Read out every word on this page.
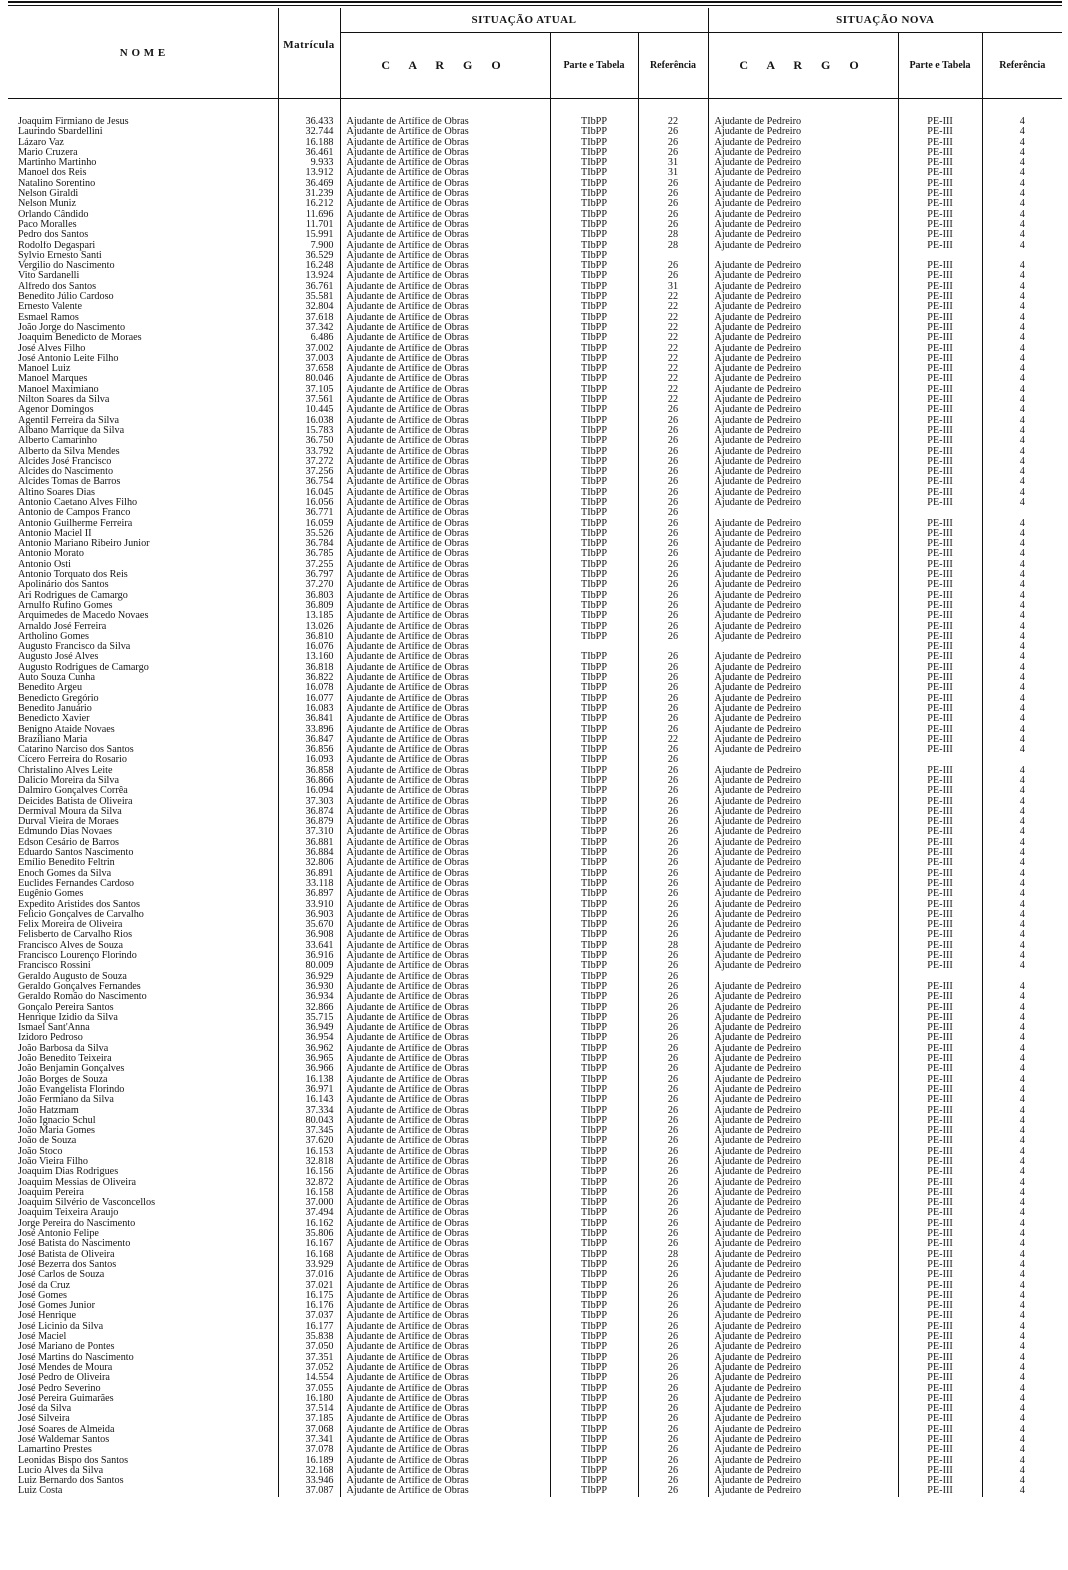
N O M E	Matrícula	SITUAÇÃO ATUAL			SITUAÇÃO NOVA		
		C A R G O	Parte e Tabela	Referência	C A R G O	Parte e Tabela	Referência

Joaquim Firmiano de Jesus	36.433	Ajudante de Artífice de Obras	TIbPP	22	Ajudante de Pedreiro	PE-III	4
Laurindo Sbardellini	32.744	Ajudante de Artífice de Obras	TIbPP	26	Ajudante de Pedreiro	PE-III	4
Lázaro Vaz	16.188	Ajudante de Artífice de Obras	TIbPP	26	Ajudante de Pedreiro	PE-III	4
Mario Cruzera	36.461	Ajudante de Artífice de Obras	TIbPP	26	Ajudante de Pedreiro	PE-III	4
Martinho Martinho	9.933	Ajudante de Artífice de Obras	TIbPP	31	Ajudante de Pedreiro	PE-III	4
Manoel dos Reis	13.912	Ajudante de Artífice de Obras	TIbPP	31	Ajudante de Pedreiro	PE-III	4
Natalino Sorentino	36.469	Ajudante de Artífice de Obras	TIbPP	26	Ajudante de Pedreiro	PE-III	4
Nelson Giraldi	31.239	Ajudante de Artífice de Obras	TIbPP	26	Ajudante de Pedreiro	PE-III	4
Nelson Muniz	16.212	Ajudante de Artífice de Obras	TIbPP	26	Ajudante de Pedreiro	PE-III	4
Orlando Cândido	11.696	Ajudante de Artífice de Obras	TIbPP	26	Ajudante de Pedreiro	PE-III	4
Paco Moralles	11.701	Ajudante de Artífice de Obras	TIbPP	26	Ajudante de Pedreiro	PE-III	4
Pedro dos Santos	15.991	Ajudante de Artífice de Obras	TIbPP	28	Ajudante de Pedreiro	PE-III	4
Rodolfo Degaspari	7.900	Ajudante de Artífice de Obras	TIbPP	28	Ajudante de Pedreiro	PE-III	4
Sylvio Ernesto Santi	36.529	Ajudante de Artífice de Obras	TIbPP				
Vergilio do Nascimento	16.248	Ajudante de Artífice de Obras	TIbPP	26	Ajudante de Pedreiro	PE-III	4
Vito Sardanelli	13.924	Ajudante de Artífice de Obras	TIbPP	26	Ajudante de Pedreiro	PE-III	4
Alfredo dos Santos	36.761	Ajudante de Artífice de Obras	TIbPP	31	Ajudante de Pedreiro	PE-III	4
Benedito Júlio Cardoso	35.581	Ajudante de Artífice de Obras	TIbPP	22	Ajudante de Pedreiro	PE-III	4
Ernesto Valente	32.804	Ajudante de Artífice de Obras	TIbPP	22	Ajudante de Pedreiro	PE-III	4
Esmael Ramos	37.618	Ajudante de Artífice de Obras	TIbPP	22	Ajudante de Pedreiro	PE-III	4
João Jorge do Nascimento	37.342	Ajudante de Artífice de Obras	TIbPP	22	Ajudante de Pedreiro	PE-III	4
Joaquim Benedicto de Moraes	6.486	Ajudante de Artífice de Obras	TIbPP	22	Ajudante de Pedreiro	PE-III	4
José Alves Filho	37.002	Ajudante de Artífice de Obras	TIbPP	22	Ajudante de Pedreiro	PE-III	4
José Antonio Leite Filho	37.003	Ajudante de Artífice de Obras	TIbPP	22	Ajudante de Pedreiro	PE-III	4
Manoel Luiz	37.658	Ajudante de Artífice de Obras	TIbPP	22	Ajudante de Pedreiro	PE-III	4
Manoel Marques	80.046	Ajudante de Artífice de Obras	TIbPP	22	Ajudante de Pedreiro	PE-III	4
Manoel Maximiano	37.105	Ajudante de Artífice de Obras	TIbPP	22	Ajudante de Pedreiro	PE-III	4
Nilton Soares da Silva	37.561	Ajudante de Artífice de Obras	TIbPP	22	Ajudante de Pedreiro	PE-III	4
Agenor Domingos	10.445	Ajudante de Artífice de Obras	TIbPP	26	Ajudante de Pedreiro	PE-III	4
Agentil Ferreira da Silva	16.038	Ajudante de Artífice de Obras	TIbPP	26	Ajudante de Pedreiro	PE-III	4
Albano Marrique da Silva	15.783	Ajudante de Artífice de Obras	TIbPP	26	Ajudante de Pedreiro	PE-III	4
Alberto Camarinho	36.750	Ajudante de Artífice de Obras	TIbPP	26	Ajudante de Pedreiro	PE-III	4
Alberto da Silva Mendes	33.792	Ajudante de Artífice de Obras	TIbPP	26	Ajudante de Pedreiro	PE-III	4
Alcides José Francisco	37.272	Ajudante de Artífice de Obras	TIbPP	26	Ajudante de Pedreiro	PE-III	4
Alcides do Nascimento	37.256	Ajudante de Artífice de Obras	TIbPP	26	Ajudante de Pedreiro	PE-III	4
Alcides Tomas de Barros	36.754	Ajudante de Artífice de Obras	TIbPP	26	Ajudante de Pedreiro	PE-III	4
Altino Soares Dias	16.045	Ajudante de Artífice de Obras	TIbPP	26	Ajudante de Pedreiro	PE-III	4
Antonio Caetano Alves Filho	16.056	Ajudante de Artífice de Obras	TIbPP	26	Ajudante de Pedreiro	PE-III	4
Antonio de Campos Franco	36.771	Ajudante de Artífice de Obras	TIbPP	26			
Antonio Guilherme Ferreira	16.059	Ajudante de Artífice de Obras	TIbPP	26	Ajudante de Pedreiro	PE-III	4
Antonio Maciel II	35.526	Ajudante de Artífice de Obras	TIbPP	26	Ajudante de Pedreiro	PE-III	4
Antonio Mariano Ribeiro Junior	36.784	Ajudante de Artífice de Obras	TIbPP	26	Ajudante de Pedreiro	PE-III	4
Antonio Morato	36.785	Ajudante de Artífice de Obras	TIbPP	26	Ajudante de Pedreiro	PE-III	4
Antonio Osti	37.255	Ajudante de Artífice de Obras	TIbPP	26	Ajudante de Pedreiro	PE-III	4
Antonio Torquato dos Reis	36.797	Ajudante de Artífice de Obras	TIbPP	26	Ajudante de Pedreiro	PE-III	4
Apolinário dos Santos	37.270	Ajudante de Artífice de Obras	TIbPP	26	Ajudante de Pedreiro	PE-III	4
Ari Rodrigues de Camargo	36.803	Ajudante de Artífice de Obras	TIbPP	26	Ajudante de Pedreiro	PE-III	4
Arnulfo Rufino Gomes	36.809	Ajudante de Artífice de Obras	TIbPP	26	Ajudante de Pedreiro	PE-III	4
Arquimedes de Macedo Novaes	13.185	Ajudante de Artífice de Obras	TIbPP	26	Ajudante de Pedreiro	PE-III	4
Arnaldo José Ferreira	13.026	Ajudante de Artífice de Obras	TIbPP	26	Ajudante de Pedreiro	PE-III	4
Artholino Gomes	36.810	Ajudante de Artífice de Obras	TIbPP	26	Ajudante de Pedreiro	PE-III	4
Augusto Francisco da Silva	16.076	Ajudante de Artífice de Obras				PE-III	4
Augusto José Alves	13.160	Ajudante de Artífice de Obras	TIbPP	26	Ajudante de Pedreiro	PE-III	4
Augusto Rodrigues de Camargo	36.818	Ajudante de Artífice de Obras	TIbPP	26	Ajudante de Pedreiro	PE-III	4
Auto Souza Cunha	36.822	Ajudante de Artífice de Obras	TIbPP	26	Ajudante de Pedreiro	PE-III	4
Benedito Argeu	16.078	Ajudante de Artífice de Obras	TIbPP	26	Ajudante de Pedreiro	PE-III	4
Benedicto Gregório	16.077	Ajudante de Artífice de Obras	TIbPP	26	Ajudante de Pedreiro	PE-III	4
Benedito Januário	16.083	Ajudante de Artífice de Obras	TIbPP	26	Ajudante de Pedreiro	PE-III	4
Benedicto Xavier	36.841	Ajudante de Artífice de Obras	TIbPP	26	Ajudante de Pedreiro	PE-III	4
Benigno Ataide Novaes	33.896	Ajudante de Artífice de Obras	TIbPP	26	Ajudante de Pedreiro	PE-III	4
Braziliano Maria	36.847	Ajudante de Artífice de Obras	TIbPP	22	Ajudante de Pedreiro	PE-III	4
Catarino Narciso dos Santos	36.856	Ajudante de Artífice de Obras	TIbPP	26	Ajudante de Pedreiro	PE-III	4
Cícero Ferreira do Rosario	16.093	Ajudante de Artífice de Obras	TIbPP	26			
Christalino Alves Leite	36.858	Ajudante de Artífice de Obras	TIbPP	26	Ajudante de Pedreiro	PE-III	4
Dalicio Moreira da Silva	36.866	Ajudante de Artífice de Obras	TIbPP	26	Ajudante de Pedreiro	PE-III	4
Dalmiro Gonçalves Corrêa	16.094	Ajudante de Artífice de Obras	TIbPP	26	Ajudante de Pedreiro	PE-III	4
Deicides Batista de Oliveira	37.303	Ajudante de Artífice de Obras	TIbPP	26	Ajudante de Pedreiro	PE-III	4
Dermival Moura da Silva	36.874	Ajudante de Artífice de Obras	TIbPP	26	Ajudante de Pedreiro	PE-III	4
Durval Vieira de Moraes	36.879	Ajudante de Artífice de Obras	TIbPP	26	Ajudante de Pedreiro	PE-III	4
Edmundo Dias Novaes	37.310	Ajudante de Artífice de Obras	TIbPP	26	Ajudante de Pedreiro	PE-III	4
Edson Cesário de Barros	36.881	Ajudante de Artífice de Obras	TIbPP	26	Ajudante de Pedreiro	PE-III	4
Eduardo Santos Nascimento	36.884	Ajudante de Artífice de Obras	TIbPP	26	Ajudante de Pedreiro	PE-III	4
Emílio Benedito Feltrin	32.806	Ajudante de Artífice de Obras	TIbPP	26	Ajudante de Pedreiro	PE-III	4
Enoch Gomes da Silva	36.891	Ajudante de Artífice de Obras	TIbPP	26	Ajudante de Pedreiro	PE-III	4
Euclides Fernandes Cardoso	33.118	Ajudante de Artífice de Obras	TIbPP	26	Ajudante de Pedreiro	PE-III	4
Eugênio Gomes	36.897	Ajudante de Artífice de Obras	TIbPP	26	Ajudante de Pedreiro	PE-III	4
Expedito Aristides dos Santos	33.910	Ajudante de Artífice de Obras	TIbPP	26	Ajudante de Pedreiro	PE-III	4
Felicio Gonçalves de Carvalho	36.903	Ajudante de Artífice de Obras	TIbPP	26	Ajudante de Pedreiro	PE-III	4
Felix Moreira de Oliveira	35.670	Ajudante de Artífice de Obras	TIbPP	26	Ajudante de Pedreiro	PE-III	4
Felisberto de Carvalho Rios	36.908	Ajudante de Artífice de Obras	TIbPP	26	Ajudante de Pedreiro	PE-III	4
Francisco Alves de Souza	33.641	Ajudante de Artífice de Obras	TIbPP	28	Ajudante de Pedreiro	PE-III	4
Francisco Lourenço Florindo	36.916	Ajudante de Artífice de Obras	TIbPP	26	Ajudante de Pedreiro	PE-III	4
Francisco Rossini	80.009	Ajudante de Artífice de Obras	TIbPP	26	Ajudante de Pedreiro	PE-III	4
Geraldo Augusto de Souza	36.929	Ajudante de Artífice de Obras	TIbPP	26			
Geraldo Gonçalves Fernandes	36.930	Ajudante de Artífice de Obras	TIbPP	26	Ajudante de Pedreiro	PE-III	4
Geraldo Romão do Nascimento	36.934	Ajudante de Artífice de Obras	TIbPP	26	Ajudante de Pedreiro	PE-III	4
Gonçalo Pereira Santos	32.866	Ajudante de Artífice de Obras	TIbPP	26	Ajudante de Pedreiro	PE-III	4
Henrique Izidio da Silva	35.715	Ajudante de Artífice de Obras	TIbPP	26	Ajudante de Pedreiro	PE-III	4
Ismael Sant'Anna	36.949	Ajudante de Artífice de Obras	TIbPP	26	Ajudante de Pedreiro	PE-III	4
Izidoro Pedroso	36.954	Ajudante de Artífice de Obras	TIbPP	26	Ajudante de Pedreiro	PE-III	4
João Barbosa da Silva	36.962	Ajudante de Artífice de Obras	TIbPP	26	Ajudante de Pedreiro	PE-III	4
João Benedito Teixeira	36.965	Ajudante de Artífice de Obras	TIbPP	26	Ajudante de Pedreiro	PE-III	4
João Benjamin Gonçalves	36.966	Ajudante de Artífice de Obras	TIbPP	26	Ajudante de Pedreiro	PE-III	4
João Borges de Souza	16.138	Ajudante de Artífice de Obras	TIbPP	26	Ajudante de Pedreiro	PE-III	4
João Evangelista Florindo	36.971	Ajudante de Artífice de Obras	TIbPP	26	Ajudante de Pedreiro	PE-III	4
João Fermiano da Silva	16.143	Ajudante de Artífice de Obras	TIbPP	26	Ajudante de Pedreiro	PE-III	4
João Hatzmam	37.334	Ajudante de Artífice de Obras	TIbPP	26	Ajudante de Pedreiro	PE-III	4
João Ignacio Schul	80.043	Ajudante de Artífice de Obras	TIbPP	26	Ajudante de Pedreiro	PE-III	4
João Maria Gomes	37.345	Ajudante de Artífice de Obras	TIbPP	26	Ajudante de Pedreiro	PE-III	4
João de Souza	37.620	Ajudante de Artífice de Obras	TIbPP	26	Ajudante de Pedreiro	PE-III	4
João Stoco	16.153	Ajudante de Artífice de Obras	TIbPP	26	Ajudante de Pedreiro	PE-III	4
João Vieira Filho	32.818	Ajudante de Artífice de Obras	TIbPP	26	Ajudante de Pedreiro	PE-III	4
Joaquim Dias Rodrigues	16.156	Ajudante de Artífice de Obras	TIbPP	26	Ajudante de Pedreiro	PE-III	4
Joaquim Messias de Oliveira	32.872	Ajudante de Artífice de Obras	TIbPP	26	Ajudante de Pedreiro	PE-III	4
Joaquim Pereira	16.158	Ajudante de Artífice de Obras	TIbPP	26	Ajudante de Pedreiro	PE-III	4
Joaquim Silvério de Vasconcellos	37.000	Ajudante de Artífice de Obras	TIbPP	26	Ajudante de Pedreiro	PE-III	4
Joaquim Teixeira Araujo	37.494	Ajudante de Artífice de Obras	TIbPP	26	Ajudante de Pedreiro	PE-III	4
Jorge Pereira do Nascimento	16.162	Ajudante de Artífice de Obras	TIbPP	26	Ajudante de Pedreiro	PE-III	4
José Antonio Felipe	35.806	Ajudante de Artífice de Obras	TIbPP	26	Ajudante de Pedreiro	PE-III	4
José Batista do Nascimento	16.167	Ajudante de Artífice de Obras	TIbPP	26	Ajudante de Pedreiro	PE-III	4
José Batista de Oliveira	16.168	Ajudante de Artífice de Obras	TIbPP	28	Ajudante de Pedreiro	PE-III	4
José Bezerra dos Santos	33.929	Ajudante de Artífice de Obras	TIbPP	26	Ajudante de Pedreiro	PE-III	4
José Carlos de Souza	37.016	Ajudante de Artífice de Obras	TIbPP	26	Ajudante de Pedreiro	PE-III	4
José da Cruz	37.021	Ajudante de Artífice de Obras	TIbPP	26	Ajudante de Pedreiro	PE-III	4
José Gomes	16.175	Ajudante de Artífice de Obras	TIbPP	26	Ajudante de Pedreiro	PE-III	4
José Gomes Junior	16.176	Ajudante de Artífice de Obras	TIbPP	26	Ajudante de Pedreiro	PE-III	4
José Henrique	37.037	Ajudante de Artífice de Obras	TIbPP	26	Ajudante de Pedreiro	PE-III	4
José Licinio da Silva	16.177	Ajudante de Artífice de Obras	TIbPP	26	Ajudante de Pedreiro	PE-III	4
José Maciel	35.838	Ajudante de Artífice de Obras	TIbPP	26	Ajudante de Pedreiro	PE-III	4
José Mariano de Pontes	37.050	Ajudante de Artífice de Obras	TIbPP	26	Ajudante de Pedreiro	PE-III	4
José Martins do Nascimento	37.351	Ajudante de Artífice de Obras	TIbPP	26	Ajudante de Pedreiro	PE-III	4
José Mendes de Moura	37.052	Ajudante de Artífice de Obras	TIbPP	26	Ajudante de Pedreiro	PE-III	4
José Pedro de Oliveira	14.554	Ajudante de Artífice de Obras	TIbPP	26	Ajudante de Pedreiro	PE-III	4
José Pedro Severino	37.055	Ajudante de Artífice de Obras	TIbPP	26	Ajudante de Pedreiro	PE-III	4
José Pereira Guimarães	16.180	Ajudante de Artífice de Obras	TIbPP	26	Ajudante de Pedreiro	PE-III	4
José da Silva	37.514	Ajudante de Artífice de Obras	TIbPP	26	Ajudante de Pedreiro	PE-III	4
José Silveira	37.185	Ajudante de Artífice de Obras	TIbPP	26	Ajudante de Pedreiro	PE-III	4
José Soares de Almeida	37.068	Ajudante de Artífice de Obras	TIbPP	26	Ajudante de Pedreiro	PE-III	4
José Waldemar Santos	37.341	Ajudante de Artífice de Obras	TIbPP	26	Ajudante de Pedreiro	PE-III	4
Lamartino Prestes	37.078	Ajudante de Artífice de Obras	TIbPP	26	Ajudante de Pedreiro	PE-III	4
Leonidas Bispo dos Santos	16.189	Ajudante de Artífice de Obras	TIbPP	26	Ajudante de Pedreiro	PE-III	4
Lucio Alves da Silva	32.168	Ajudante de Artífice de Obras	TIbPP	26	Ajudante de Pedreiro	PE-III	4
Luiz Bernardo dos Santos	33.946	Ajudante de Artífice de Obras	TIbPP	26	Ajudante de Pedreiro	PE-III	4
Luiz Costa	37.087	Ajudante de Artífice de Obras	TIbPP	26	Ajudante de Pedreiro	PE-III	4
